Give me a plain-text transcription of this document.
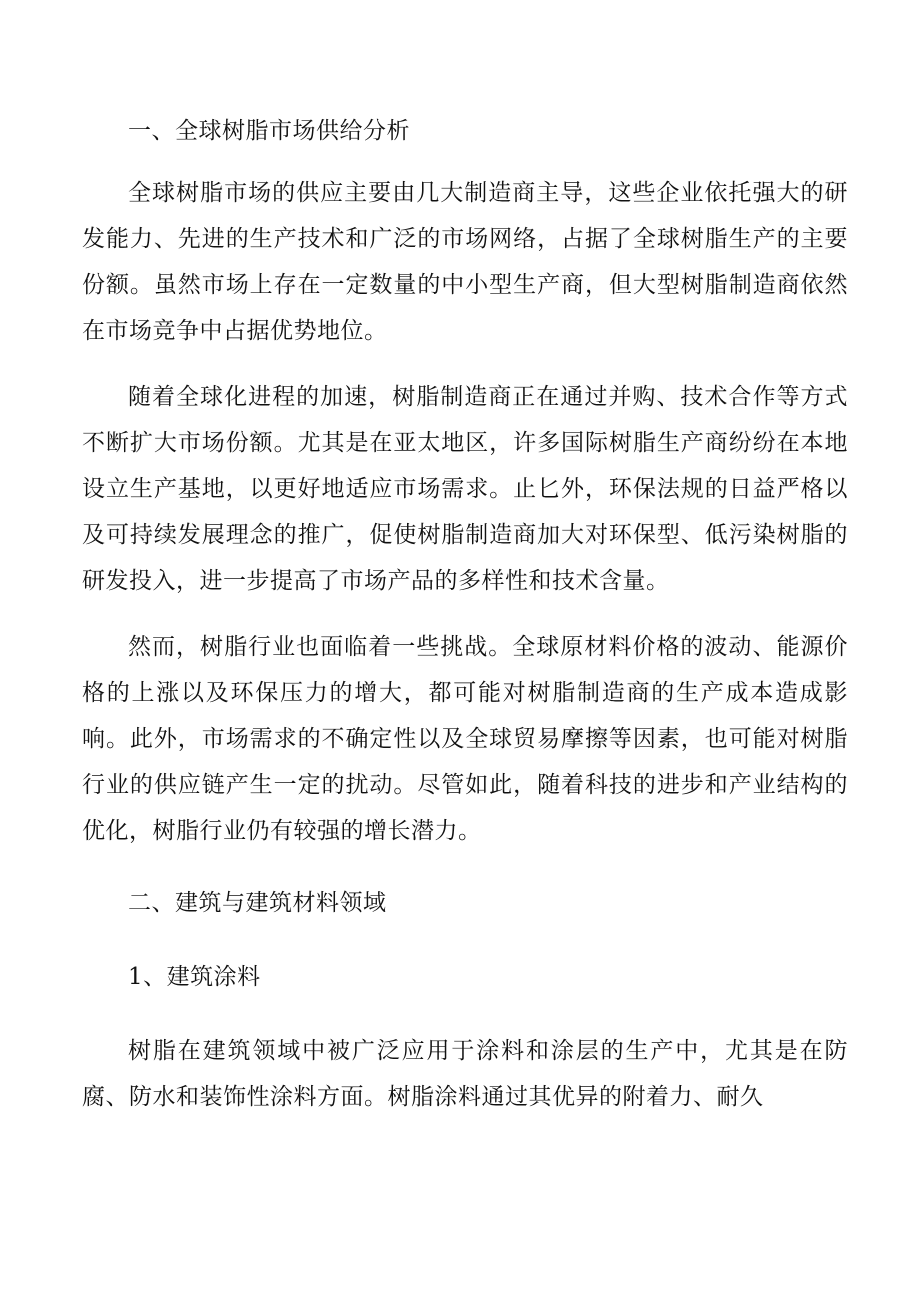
一、全球树脂市场供给分析

全球树脂市场的供应主要由几大制造商主导，这些企业依托强大的研发能力、先进的生产技术和广泛的市场网络，占据了全球树脂生产的主要份额。虽然市场上存在一定数量的中小型生产商，但大型树脂制造商依然在市场竞争中占据优势地位。

随着全球化进程的加速，树脂制造商正在通过并购、技术合作等方式不断扩大市场份额。尤其是在亚太地区，许多国际树脂生产商纷纷在本地设立生产基地，以更好地适应市场需求。止匕外，环保法规的日益严格以及可持续发展理念的推广，促使树脂制造商加大对环保型、低污染树脂的研发投入，进一步提高了市场产品的多样性和技术含量。

然而，树脂行业也面临着一些挑战。全球原材料价格的波动、能源价格的上涨以及环保压力的增大，都可能对树脂制造商的生产成本造成影响。此外，市场需求的不确定性以及全球贸易摩擦等因素，也可能对树脂行业的供应链产生一定的扰动。尽管如此，随着科技的进步和产业结构的优化，树脂行业仍有较强的增长潜力。

二、建筑与建筑材料领域
1、建筑涂料

树脂在建筑领域中被广泛应用于涂料和涂层的生产中，尤其是在防腐、防水和装饰性涂料方面。树脂涂料通过其优异的附着力、耐久
